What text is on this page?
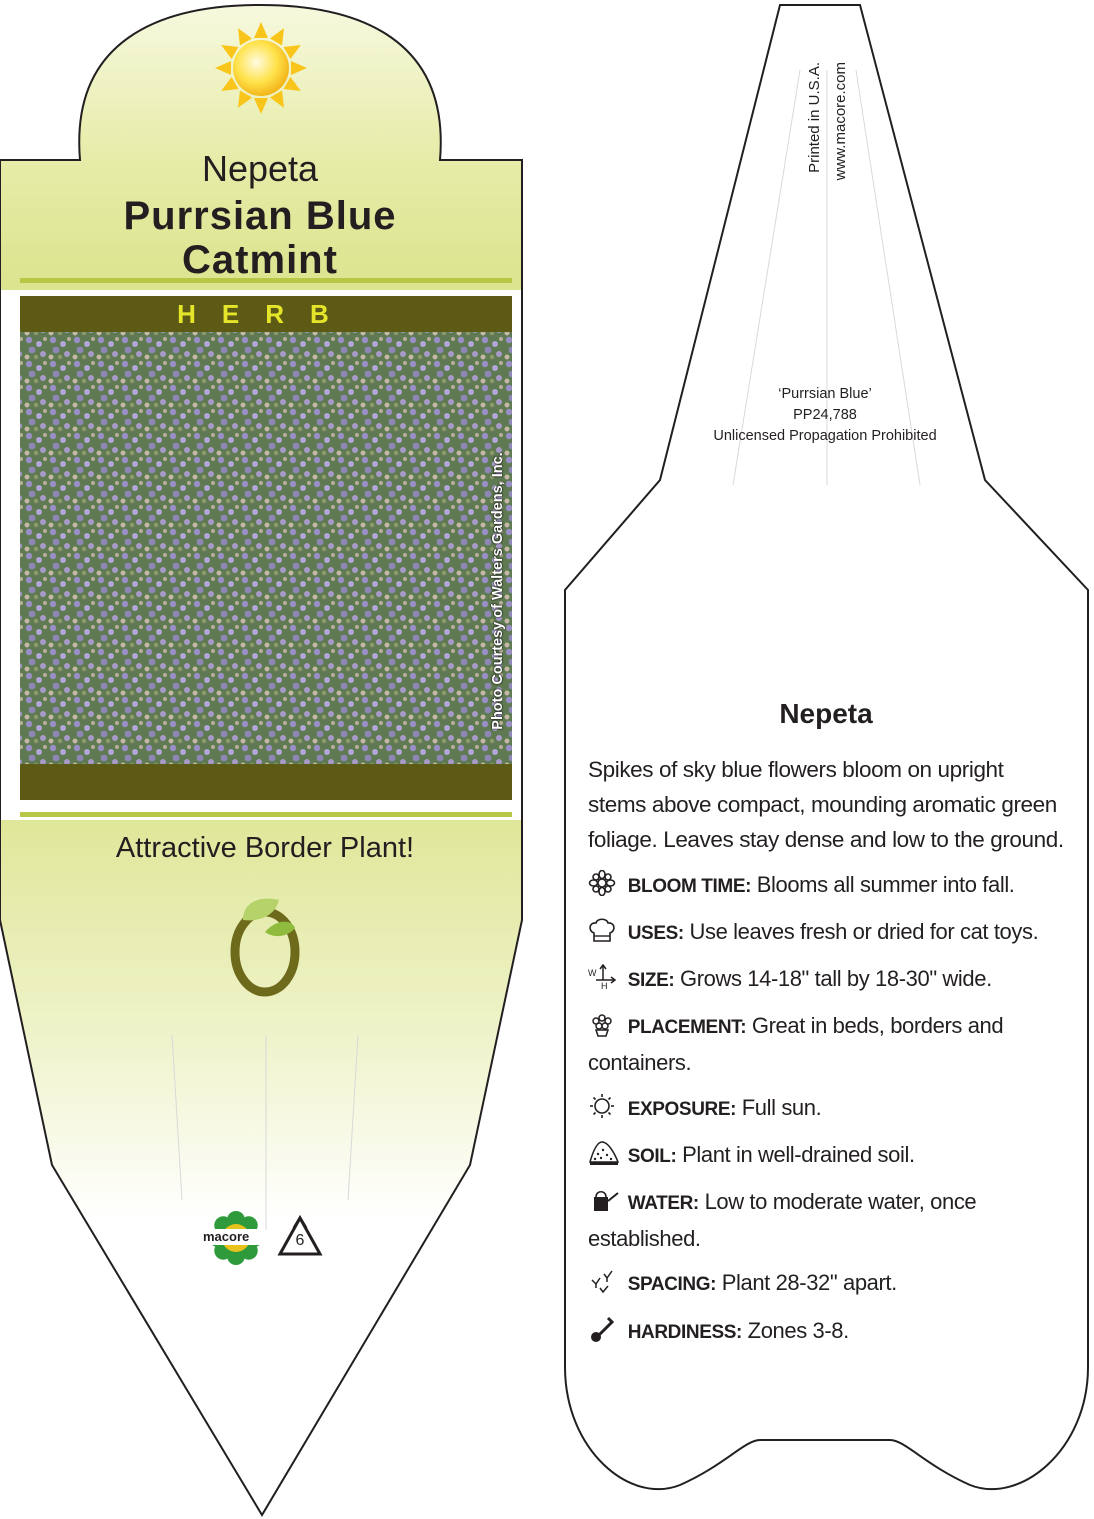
Nepeta
Purrsian Blue
Catmint
HERB
Photo Courtesy of Walters Gardens, Inc.
Attractive Border Plant!
macore	6
Printed in U.S.A. www.macore.com
‘Purrsian Blue’
PP24,788
Unlicensed Propagation Prohibited
Nepeta
Spikes of sky blue flowers bloom on upright stems above compact, mounding aromatic green foliage. Leaves stay dense and low to the ground.
BLOOM TIME: Blooms all summer into fall.
USES: Use leaves fresh or dried for cat toys.
W
H SIZE: Grows 14-18" tall by 18-30" wide.
PLACEMENT: Great in beds, borders and containers.
EXPOSURE: Full sun.
SOIL: Plant in well-drained soil.
WATER: Low to moderate water, once established.
SPACING: Plant 28-32" apart.
HARDINESS: Zones 3-8.
